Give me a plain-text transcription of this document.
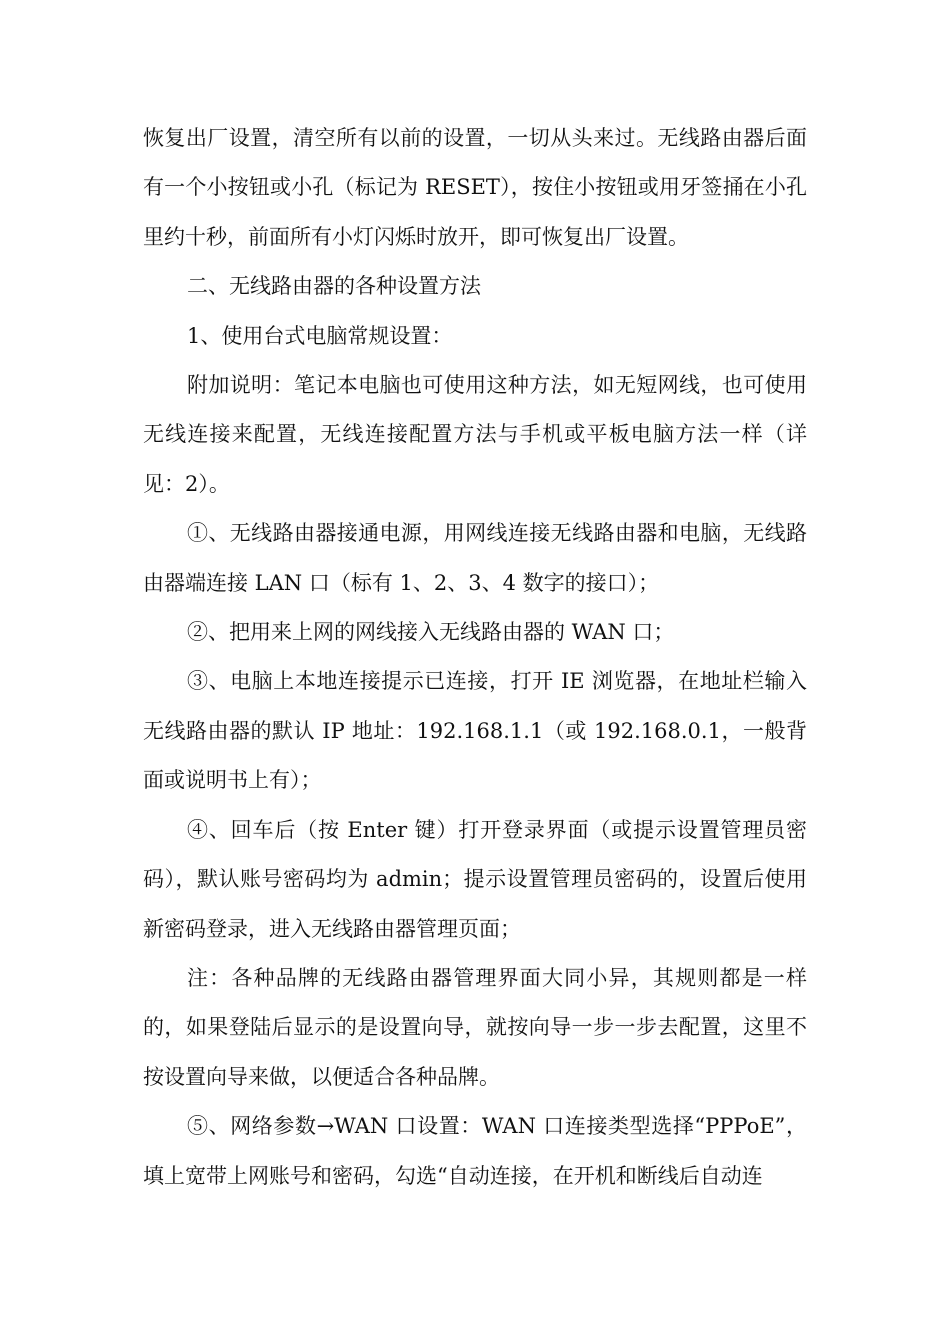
恢复出厂设置，清空所有以前的设置，一切从头来过。无线路由器后面有一个小按钮或小孔（标记为 RESET），按住小按钮或用牙签捅在小孔里约十秒，前面所有小灯闪烁时放开，即可恢复出厂设置。

二、无线路由器的各种设置方法

1、使用台式电脑常规设置：

附加说明：笔记本电脑也可使用这种方法，如无短网线，也可使用无线连接来配置，无线连接配置方法与手机或平板电脑方法一样（详见：2）。

①、无线路由器接通电源，用网线连接无线路由器和电脑，无线路由器端连接 LAN 口（标有 1、2、3、4 数字的接口）；

②、把用来上网的网线接入无线路由器的 WAN 口；

③、电脑上本地连接提示已连接，打开 IE 浏览器，在地址栏输入无线路由器的默认 IP 地址：192.168.1.1（或 192.168.0.1，一般背面或说明书上有）；

④、回车后（按 Enter 键）打开登录界面（或提示设置管理员密码），默认账号密码均为 admin；提示设置管理员密码的，设置后使用新密码登录，进入无线路由器管理页面；

注：各种品牌的无线路由器管理界面大同小异，其规则都是一样的，如果登陆后显示的是设置向导，就按向导一步一步去配置，这里不按设置向导来做，以便适合各种品牌。

⑤、网络参数→WAN 口设置：WAN 口连接类型选择“PPPoE”，填上宽带上网账号和密码，勾选“自动连接，在开机和断线后自动连
